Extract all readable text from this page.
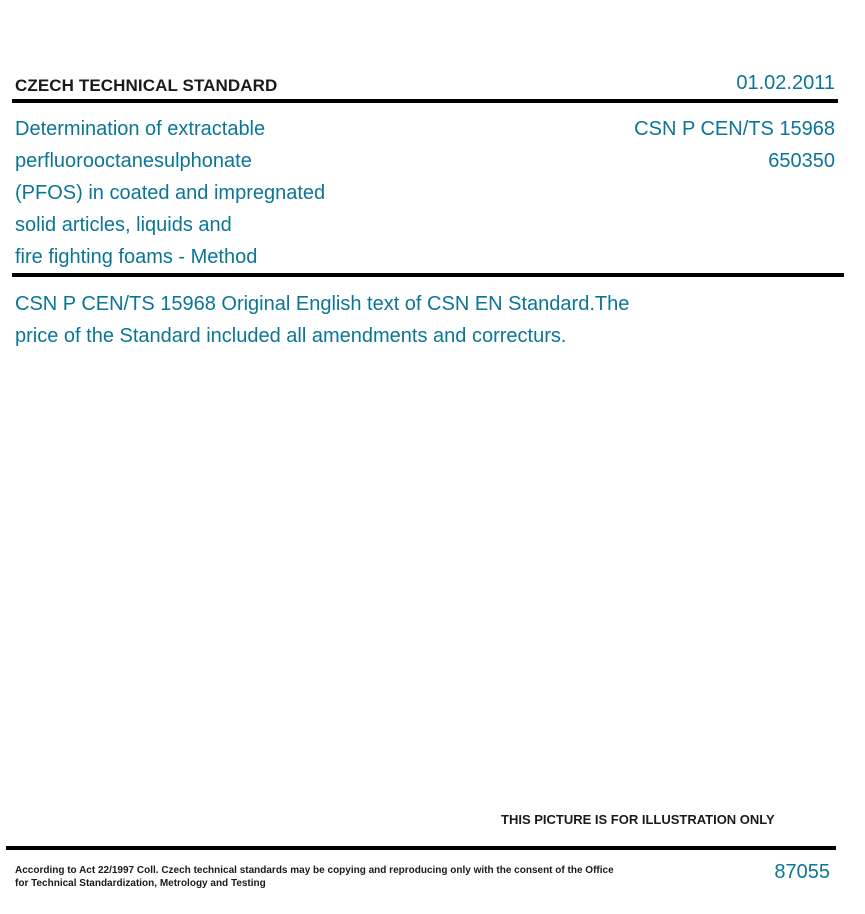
CZECH TECHNICAL STANDARD	01.02.2011
Determination of extractable
perfluorooctanesulphonate
(PFOS) in coated and impregnated
solid articles, liquids and
fire fighting foams - Method
CSN P CEN/TS 15968
650350
CSN P CEN/TS 15968 Original English text of CSN EN Standard.The
price of the Standard included all amendments and correcturs.
THIS PICTURE IS FOR ILLUSTRATION ONLY
According to Act 22/1997 Coll. Czech technical standards may be copying and reproducing only with the consent of the Office
for Technical Standardization, Metrology and Testing
87055
